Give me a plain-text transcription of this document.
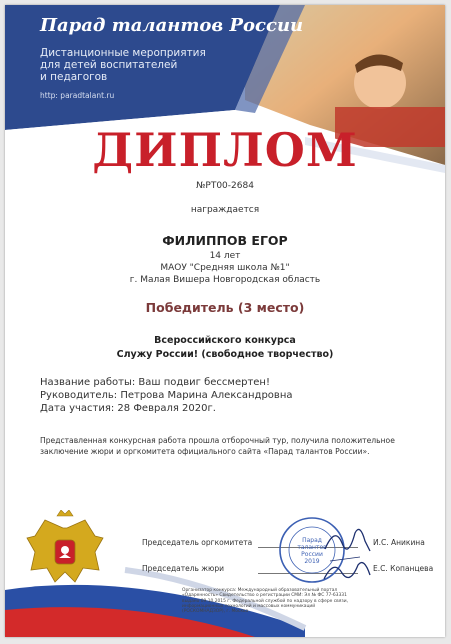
Парад талантов России
Дистанционные мероприятия
для детей воспитателей
и педагогов
http: paradtalant.ru
ДИПЛОМ
№РТ00-2684
награждается
ФИЛИППОВ ЕГОР
14 лет
МАОУ "Средняя школа №1"
г. Малая Вишера Новгородская область
Победитель (3 место)
Всероссийского конкурса
Служу России! (свободное творчество)
Название работы: Ваш подвиг бессмертен!
Руководитель: Петрова Марина Александровна
Дата участия: 28 Февраля 2020г.
Представленная конкурсная работа прошла отборочный тур, получила положительное заключение жюри и оргкомитета официального сайта «Парад талантов России».
Председатель оргкомитета	И.С. Аникина
Председатель жюри	Е.С. Копанцева
Парад
талантов
России
2019
Организатор конкурса: Международный образовательный портал «Одаренность» Свидетельство о регистрации СМИ: Эл № ФС 77-63331 выдано 09.10.2015 г. Федеральной службой по надзору в сфере связи, информационных технологий и массовых коммуникаций (РОСКОМНАДЗОР), г. Москва
